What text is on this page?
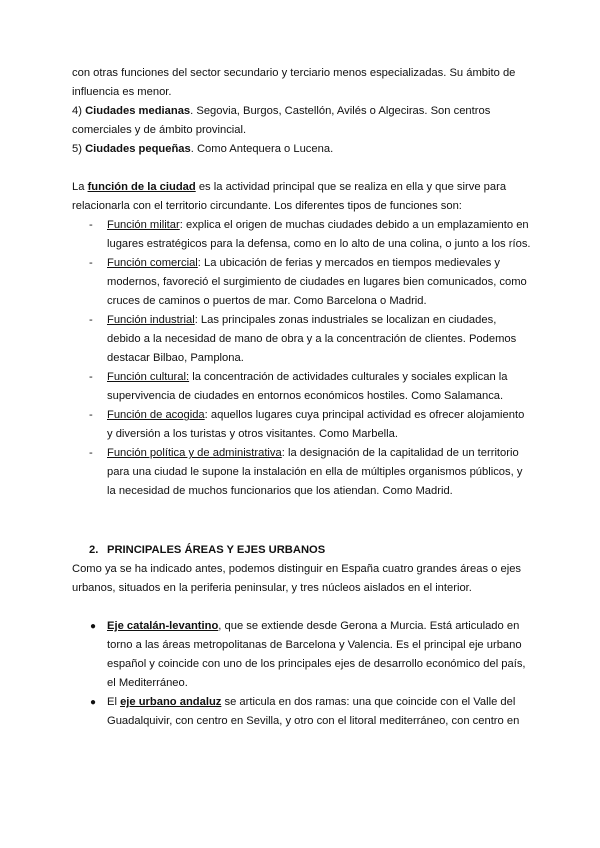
con otras funciones del sector secundario y terciario menos especializadas. Su ámbito de influencia es menor.

4) Ciudades medianas. Segovia, Burgos, Castellón, Avilés o Algeciras. Son centros comerciales y de ámbito provincial.

5) Ciudades pequeñas. Como Antequera o Lucena.

La función de la ciudad es la actividad principal que se realiza en ella y que sirve para relacionarla con el territorio circundante. Los diferentes tipos de funciones son:

- Función militar: explica el origen de muchas ciudades debido a un emplazamiento en lugares estratégicos para la defensa, como en lo alto de una colina, o junto a los ríos.
- Función comercial: La ubicación de ferias y mercados en tiempos medievales y modernos, favoreció el surgimiento de ciudades en lugares bien comunicados, como cruces de caminos o puertos de mar. Como Barcelona o Madrid.
- Función industrial: Las principales zonas industriales se localizan en ciudades, debido a la necesidad de mano de obra y a la concentración de clientes. Podemos destacar Bilbao, Pamplona.
- Función cultural: la concentración de actividades culturales y sociales explican la supervivencia de ciudades en entornos económicos hostiles. Como Salamanca.
- Función de acogida: aquellos lugares cuya principal actividad es ofrecer alojamiento y diversión a los turistas y otros visitantes. Como Marbella.
- Función política y de administrativa: la designación de la capitalidad de un territorio para una ciudad le supone la instalación en ella de múltiples organismos públicos, y la necesidad de muchos funcionarios que los atiendan. Como Madrid.

2. PRINCIPALES ÁREAS Y EJES URBANOS

Como ya se ha indicado antes, podemos distinguir en España cuatro grandes áreas o ejes urbanos, situados en la periferia peninsular, y tres núcleos aislados en el interior.

● Eje catalán-levantino, que se extiende desde Gerona a Murcia. Está articulado en torno a las áreas metropolitanas de Barcelona y Valencia. Es el principal eje urbano español y coincide con uno de los principales ejes de desarrollo económico del país, el Mediterráneo.
● El eje urbano andaluz se articula en dos ramas: una que coincide con el Valle del Guadalquivir, con centro en Sevilla, y otro con el litoral mediterráneo, con centro en
